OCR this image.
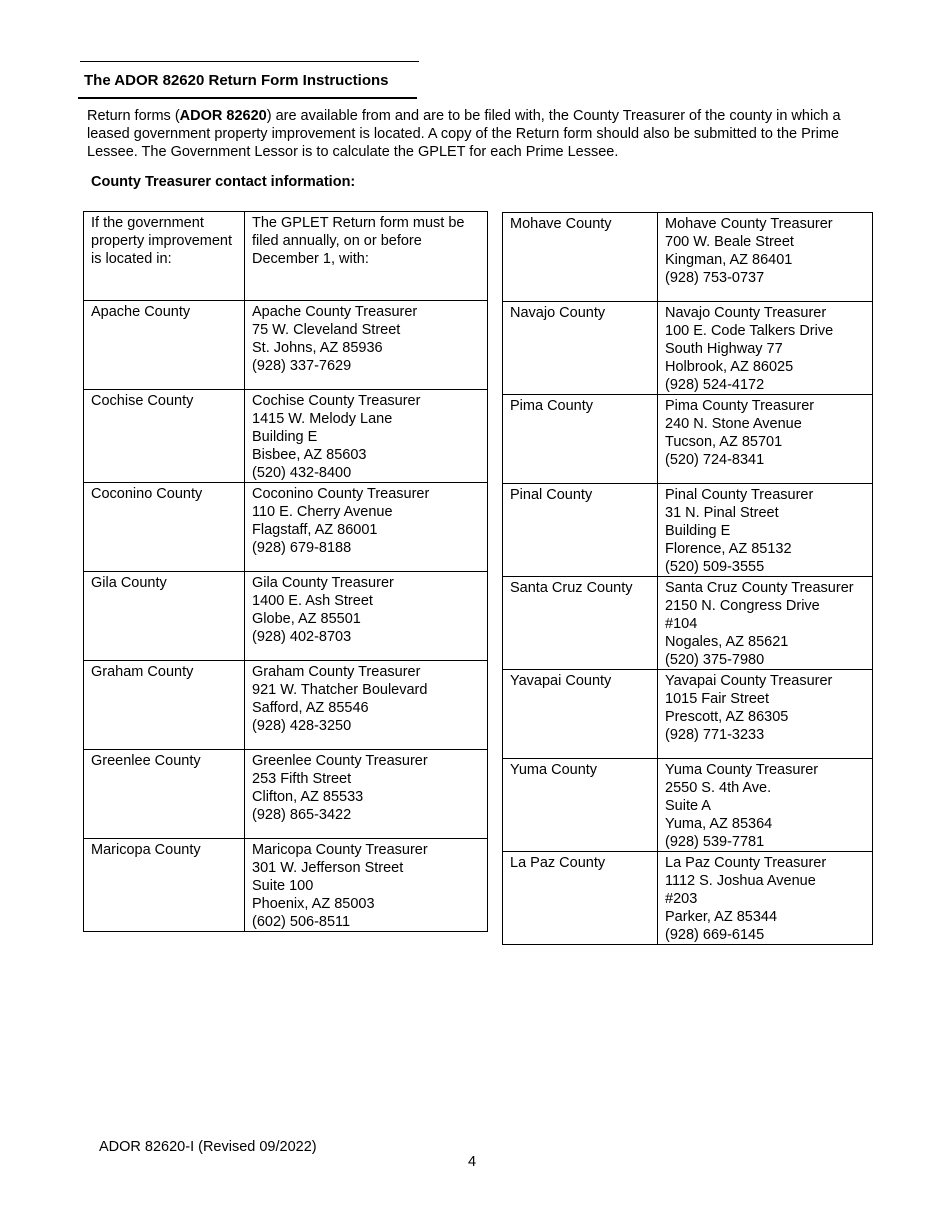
The ADOR 82620 Return Form Instructions
Return forms (ADOR 82620) are available from and are to be filed with, the County Treasurer of the county in which a leased government property improvement is located. A copy of the Return form should also be submitted to the Prime Lessee. The Government Lessor is to calculate the GPLET for each Prime Lessee.
County Treasurer contact information:
If the government property improvement is located in:	The GPLET Return form must be filed annually, on or before December 1, with:
Apache County	Apache County Treasurer
75 W. Cleveland Street
St. Johns, AZ 85936
(928) 337-7629
Cochise County	Cochise County Treasurer
1415 W. Melody Lane
Building E
Bisbee, AZ 85603
(520) 432-8400
Coconino County	Coconino County Treasurer
110 E. Cherry Avenue
Flagstaff, AZ 86001
(928) 679-8188
Gila County	Gila County Treasurer
1400 E. Ash Street
Globe, AZ 85501
(928) 402-8703
Graham County	Graham County Treasurer
921 W. Thatcher Boulevard
Safford, AZ 85546
(928) 428-3250
Greenlee County	Greenlee County Treasurer
253 Fifth Street
Clifton, AZ 85533
(928) 865-3422
Maricopa County	Maricopa County Treasurer
301 W. Jefferson Street
Suite 100
Phoenix, AZ 85003
(602) 506-8511
Mohave County	Mohave County Treasurer
700 W. Beale Street
Kingman, AZ 86401
(928) 753-0737
Navajo County	Navajo County Treasurer
100 E. Code Talkers Drive
South Highway 77
Holbrook, AZ 86025
(928) 524-4172
Pima County	Pima County Treasurer
240 N. Stone Avenue
Tucson, AZ 85701
(520) 724-8341
Pinal County	Pinal County Treasurer
31 N. Pinal Street
Building E
Florence, AZ 85132
(520) 509-3555
Santa Cruz County	Santa Cruz County Treasurer
2150 N. Congress Drive
#104
Nogales, AZ 85621
(520) 375-7980
Yavapai County	Yavapai County Treasurer
1015 Fair Street
Prescott, AZ 86305
(928) 771-3233
Yuma County	Yuma County Treasurer
2550 S. 4th Ave.
Suite A
Yuma, AZ 85364
(928) 539-7781
La Paz County	La Paz County Treasurer
1112 S. Joshua Avenue
#203
Parker, AZ 85344
(928) 669-6145
ADOR 82620-I (Revised 09/2022)
4
